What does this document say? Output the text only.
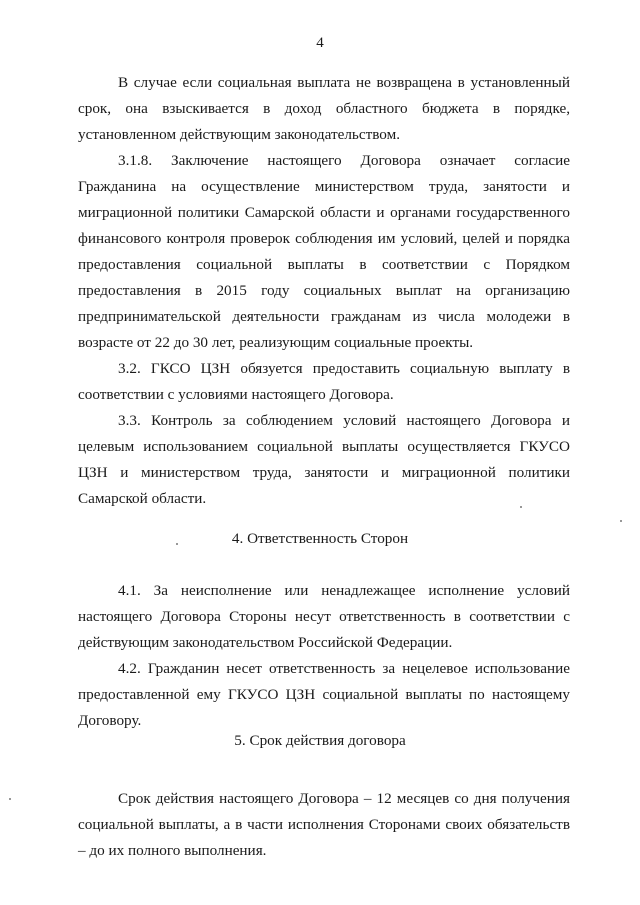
4

В случае если социальная выплата не возвращена в установленный срок, она взыскивается в доход областного бюджета в порядке, установленном действующим законодательством.

3.1.8. Заключение настоящего Договора означает согласие Гражданина на осуществление министерством труда, занятости и миграционной политики Самарской области и органами государственного финансового контроля проверок соблюдения им условий, целей и порядка предоставления социальной выплаты в соответствии с Порядком предоставления в 2015 году социальных выплат на организацию предпринимательской деятельности гражданам из числа молодежи в возрасте от 22 до 30 лет, реализующим социальные проекты.

3.2. ГКСО ЦЗН обязуется предоставить социальную выплату в соответствии с условиями настоящего Договора.

3.3. Контроль за соблюдением условий настоящего Договора и целевым использованием социальной выплаты осуществляется ГКУСО ЦЗН и министерством труда, занятости и миграционной политики Самарской области.

4. Ответственность Сторон

4.1. За неисполнение или ненадлежащее исполнение условий настоящего Договора Стороны несут ответственность в соответствии с действующим законодательством Российской Федерации.

4.2. Гражданин несет ответственность за нецелевое использование предоставленной ему ГКУСО ЦЗН социальной выплаты по настоящему Договору.

5. Срок действия договора

Срок действия настоящего Договора – 12 месяцев со дня получения социальной выплаты, а в части исполнения Сторонами своих обязательств – до их полного выполнения.
